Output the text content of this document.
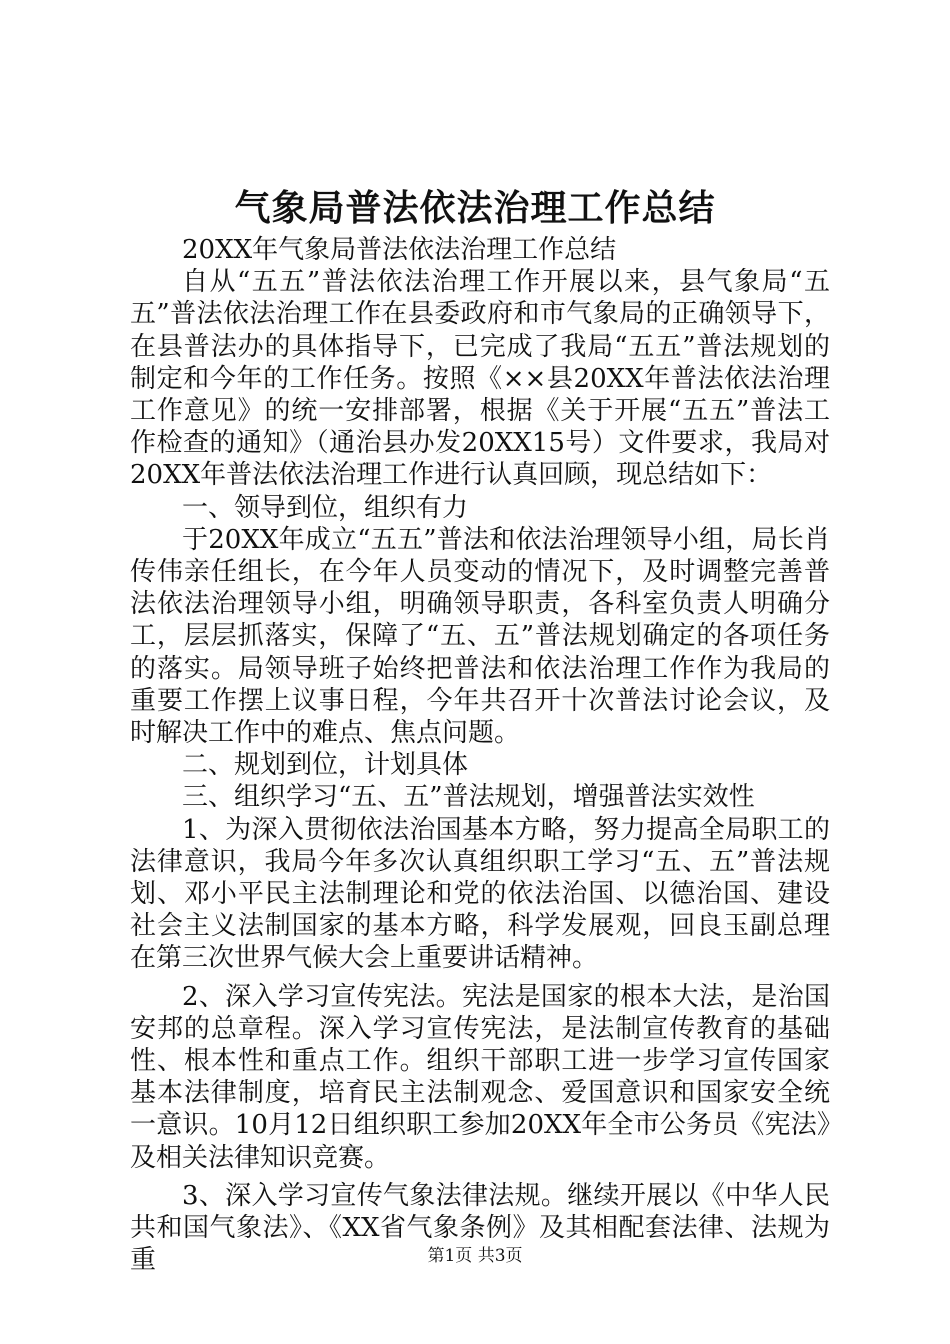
气象局普法依法治理工作总结

20XX年气象局普法依法治理工作总结

自从“五五”普法依法治理工作开展以来，县气象局“五五”普法依法治理工作在县委政府和市气象局的正确领导下，在县普法办的具体指导下，已完成了我局“五五”普法规划的制定和今年的工作任务。按照《××县20XX年普法依法治理工作意见》的统一安排部署，根据《关于开展“五五”普法工作检查的通知》（通治县办发20XX15号）文件要求，我局对20XX年普法依法治理工作进行认真回顾，现总结如下：

一、领导到位，组织有力

于20XX年成立“五五”普法和依法治理领导小组，局长肖传伟亲任组长，在今年人员变动的情况下，及时调整完善普法依法治理领导小组，明确领导职责，各科室负责人明确分工，层层抓落实，保障了“五、五”普法规划确定的各项任务的落实。局领导班子始终把普法和依法治理工作作为我局的重要工作摆上议事日程，今年共召开十次普法讨论会议，及时解决工作中的难点、焦点问题。

二、规划到位，计划具体

三、组织学习“五、五”普法规划，增强普法实效性

1、为深入贯彻依法治国基本方略，努力提高全局职工的法律意识，我局今年多次认真组织职工学习“五、五”普法规划、邓小平民主法制理论和党的依法治国、以德治国、建设社会主义法制国家的基本方略，科学发展观，回良玉副总理在第三次世界气候大会上重要讲话精神。

2、深入学习宣传宪法。宪法是国家的根本大法，是治国安邦的总章程。深入学习宣传宪法，是法制宣传教育的基础性、根本性和重点工作。组织干部职工进一步学习宣传国家基本法律制度，培育民主法制观念、爱国意识和国家安全统一意识。10月12日组织职工参加20XX年全市公务员《宪法》及相关法律知识竞赛。

3、深入学习宣传气象法律法规。继续开展以《中华人民共和国气象法》、《XX省气象条例》及其相配套法律、法规为重	第1页 共3页
